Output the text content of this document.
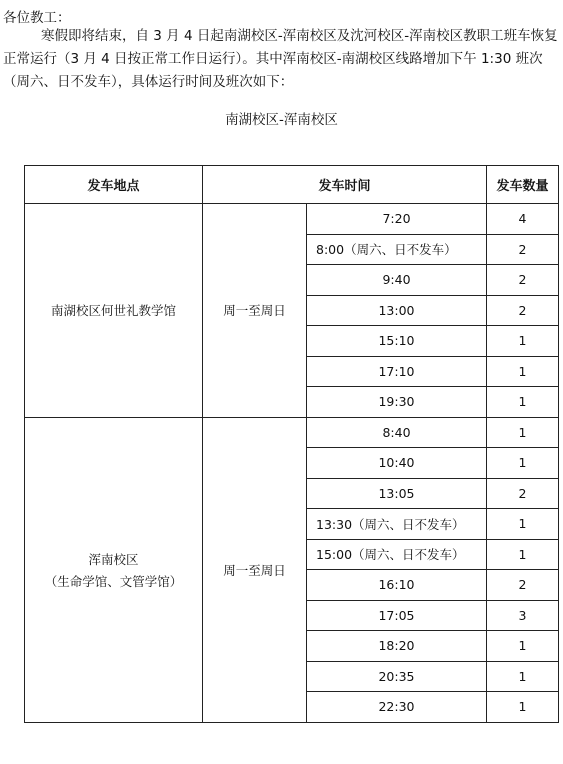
各位教工：
寒假即将结束，自 3 月 4 日起南湖校区-浑南校区及沈河校区-浑南校区教职工班车恢复正常运行（3 月 4 日按正常工作日运行）。其中浑南校区-南湖校区线路增加下午 1:30 班次（周六、日不发车），具体运行时间及班次如下：
南湖校区-浑南校区
发车地点	发车时间		发车数量
南湖校区何世礼教学馆	周一至周日	7:20	4
		8:00（周六、日不发车）	2
		9:40	2
		13:00	2
		15:10	1
		17:10	1
		19:30	1
浑南校区
（生命学馆、文管学馆）	周一至周日	8:40	1
		10:40	1
		13:05	2
		13:30（周六、日不发车）	1
		15:00（周六、日不发车）	1
		16:10	2
		17:05	3
		18:20	1
		20:35	1
		22:30	1
